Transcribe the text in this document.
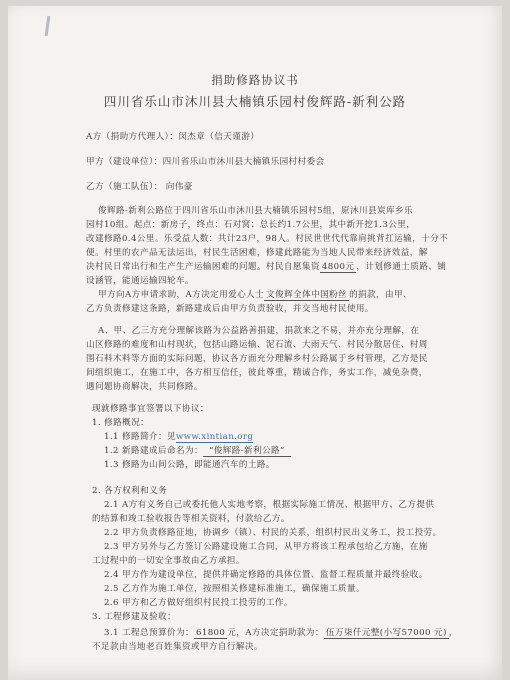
捐助修路协议书
四川省乐山市沐川县大楠镇乐园村俊辉路-新利公路
A方（捐助方代理人）：闵杰章（信天谨游）
甲方（建设单位）：四川省乐山市沐川县大楠镇乐园村村委会
乙方（施工队伍）： 向伟豪
俊辉路-新利公路位于四川省乐山市沐川县大楠镇乐园村5组，原沐川县炭库乡乐
园村10组。起点：新房子，终点：石对窝；总长约1.7公里，其中新开挖1.3公里，
改建修路0.4公里。乐受益人数：共计23户，98人。村民世世代代靠肩挑背扛运输，十分不
便。村里的农产品无法运出，村民生活困难，修建此路能为当地人民带来经济效益，解
决村民日常出行和生产生产运输困难的问题。村民自愿集资 4800元 ，计划修通土质路、铺
设涵管，能通运输四轮车。
甲方向A方申请求助，A方决定用爱心人士 文俊辉全体中国粉丝 的捐款，由甲、
乙方负责修建这条路，新路建成后由甲方负责验收，并交当地村民使用。
A、甲、乙三方充分理解该路为公益路善捐建，捐款来之不易，并亦充分理解，在
山区修路的难度和山村现状，包括山路运输、泥石流、大雨天气、村民分散居住、村周
围石料木料等方面的实际问题，协议各方面充分理解乡村公路属于乡村管理，乙方是民
间组织施工，在施工中，各方相互信任，彼此尊重，精诚合作，务实工作，减免杂费，
遇问题协商解决，共同修路。
现就修路事宜签署以下协议：
1. 修路概况：
1.1 修路简介：见www.xintian.org
1.2 新路建成后命名为： “俊辉路-新利公路”
1.3 修路为山间公路，即能通汽车的土路。
2. 各方权利和义务
2.1 A方有义务自己或委托他人实地考察，根据实际施工情况、根据甲方、乙方提供
的结算和竣工验收报告等相关资料，付款给乙方。
2.2 甲方负责修路征地，协调乡（镇）、村民的关系，组织村民出义务工，投工投劳。
2.3 甲方另外与乙方签订公路建设施工合同，从甲方将该工程承包给乙方施，在施
工过程中的一切安全事故由乙方承担。
2.4 甲方作为建设单位，提供并确定修路的具体位置、监督工程质量并最终验收。
2.5 乙方作为施工单位，按照相关修建标准施工，确保施工质量。
2.6 甲方和乙方做好组织村民投工投劳的工作。
3. 工程修建及验收：
3.1 工程总预算价为： 61800 元，A方决定捐助款为： 伍万柒仟元整(小写57000 元) ，
不足款由当地老百姓集资或甲方自行解决。
